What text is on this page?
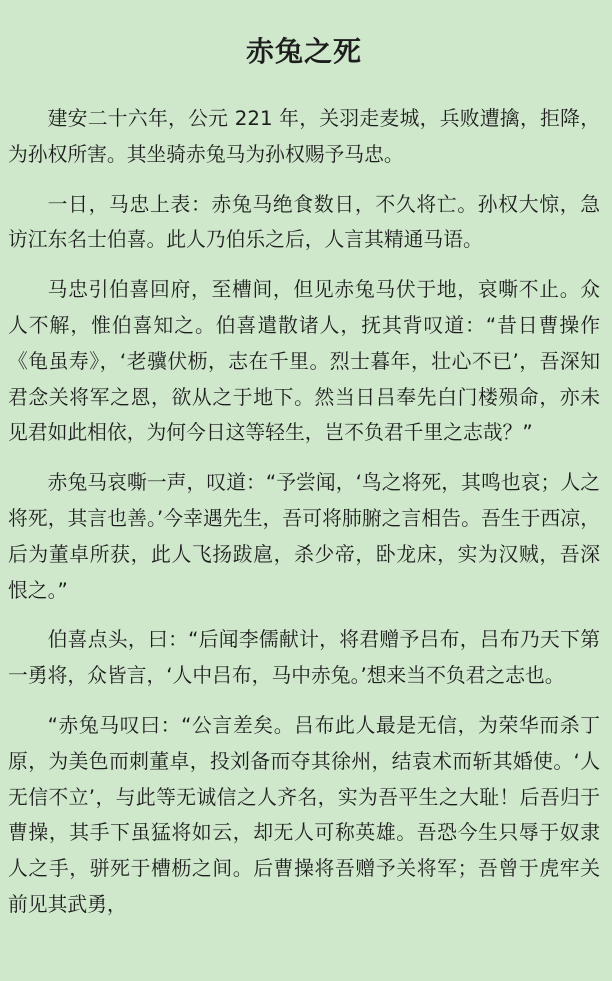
赤兔之死

建安二十六年，公元 221 年，关羽走麦城，兵败遭擒，拒降，为孙权所害。其坐骑赤兔马为孙权赐予马忠。

一日，马忠上表：赤兔马绝食数日，不久将亡。孙权大惊，急访江东名士伯喜。此人乃伯乐之后，人言其精通马语。

马忠引伯喜回府，至槽间，但见赤兔马伏于地，哀嘶不止。众人不解，惟伯喜知之。伯喜遣散诸人，抚其背叹道：“昔日曹操作《龟虽寿》，‘老骥伏枥，志在千里。烈士暮年，壮心不已’，吾深知君念关将军之恩，欲从之于地下。然当日吕奉先白门楼殒命，亦未见君如此相依，为何今日这等轻生，岂不负君千里之志哉？”

赤兔马哀嘶一声，叹道：“予尝闻，‘鸟之将死，其鸣也哀；人之将死，其言也善。’今幸遇先生，吾可将肺腑之言相告。吾生于西凉，后为董卓所获，此人飞扬跋扈，杀少帝，卧龙床，实为汉贼，吾深恨之。”

伯喜点头，曰：“后闻李儒献计，将君赠予吕布，吕布乃天下第一勇将，众皆言，‘人中吕布，马中赤兔。’想来当不负君之志也。

“赤兔马叹曰：“公言差矣。吕布此人最是无信，为荣华而杀丁原，为美色而刺董卓，投刘备而夺其徐州，结袁术而斩其婚使。‘人无信不立’，与此等无诚信之人齐名，实为吾平生之大耻！后吾归于曹操，其手下虽猛将如云，却无人可称英雄。吾恐今生只辱于奴隶人之手，骈死于槽枥之间。后曹操将吾赠予关将军；吾曾于虎牢关前见其武勇，
